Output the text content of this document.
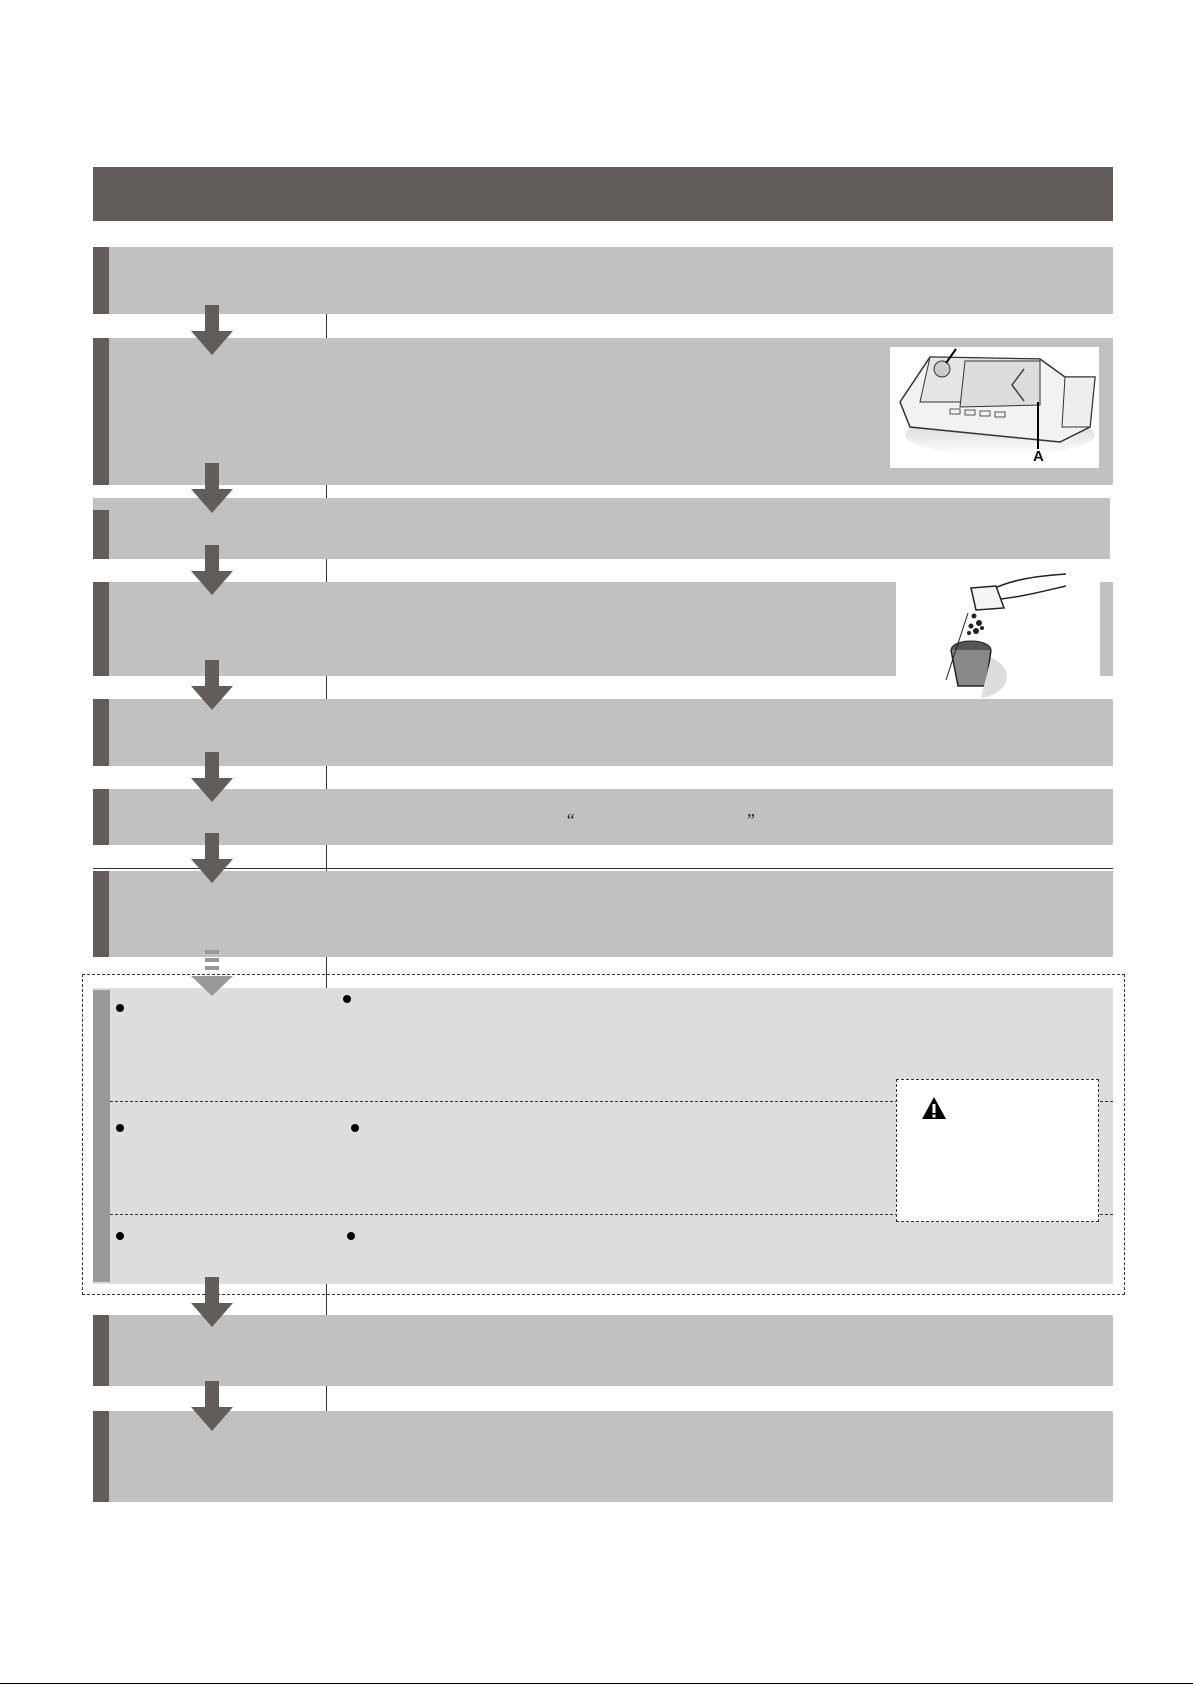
A
“	”
